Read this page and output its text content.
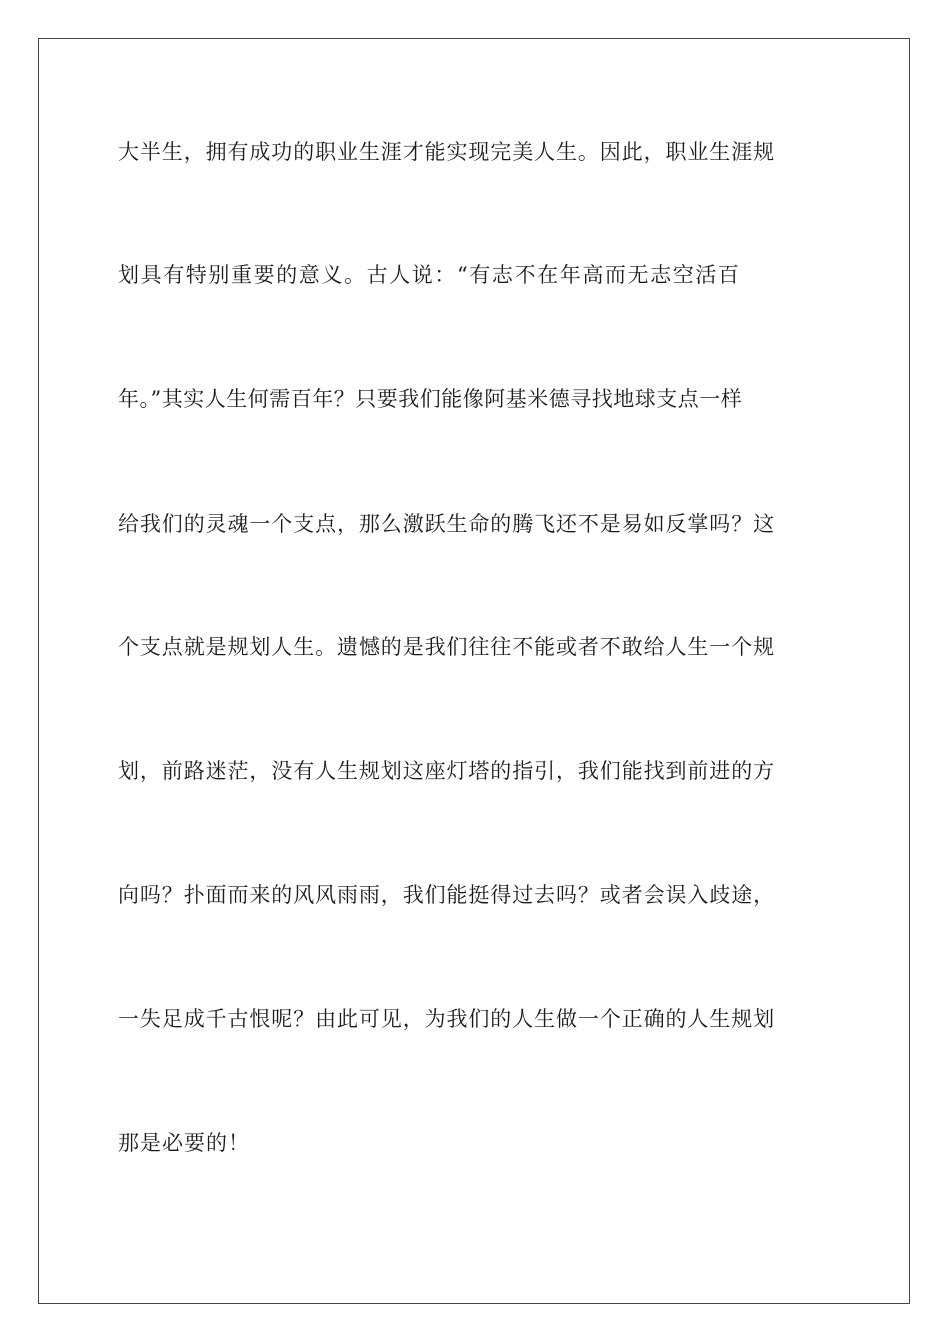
大半生，拥有成功的职业生涯才能实现完美人生。因此，职业生涯规
划具有特别重要的意义。古人说：“有志不在年高而无志空活百
年。”其实人生何需百年？只要我们能像阿基米德寻找地球支点一样
给我们的灵魂一个支点，那么激跃生命的腾飞还不是易如反掌吗？这
个支点就是规划人生。遗憾的是我们往往不能或者不敢给人生一个规
划，前路迷茫，没有人生规划这座灯塔的指引，我们能找到前进的方
向吗？扑面而来的风风雨雨，我们能挺得过去吗？或者会误入歧途，
一失足成千古恨呢？由此可见，为我们的人生做一个正确的人生规划
那是必要的！
